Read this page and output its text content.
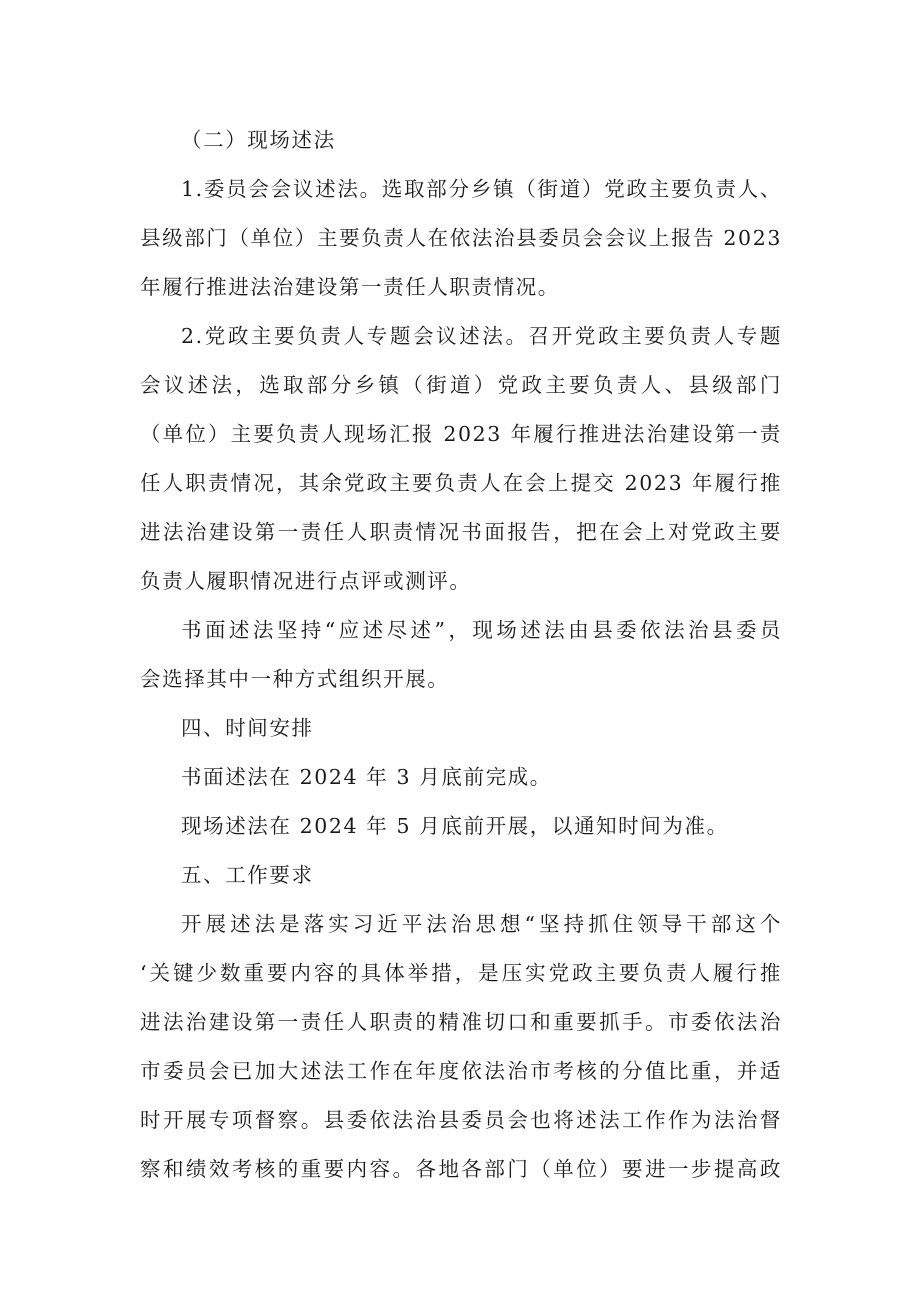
（二）现场述法

1.委员会会议述法。选取部分乡镇（街道）党政主要负责人、
县级部门（单位）主要负责人在依法治县委员会会议上报告 2023
年履行推进法治建设第一责任人职责情况。

2.党政主要负责人专题会议述法。召开党政主要负责人专题
会议述法，选取部分乡镇（街道）党政主要负责人、县级部门
（单位）主要负责人现场汇报 2023 年履行推进法治建设第一责
任人职责情况，其余党政主要负责人在会上提交 2023 年履行推
进法治建设第一责任人职责情况书面报告，把在会上对党政主要
负责人履职情况进行点评或测评。

书面述法坚持“应述尽述”，现场述法由县委依法治县委员
会选择其中一种方式组织开展。

四、时间安排

书面述法在 2024 年 3 月底前完成。

现场述法在 2024 年 5 月底前开展，以通知时间为准。

五、工作要求

开展述法是落实习近平法治思想“坚持抓住领导干部这个
‘关键少数重要内容的具体举措，是压实党政主要负责人履行推
进法治建设第一责任人职责的精准切口和重要抓手。市委依法治
市委员会已加大述法工作在年度依法治市考核的分值比重，并适
时开展专项督察。县委依法治县委员会也将述法工作作为法治督
察和绩效考核的重要内容。各地各部门（单位）要进一步提高政
